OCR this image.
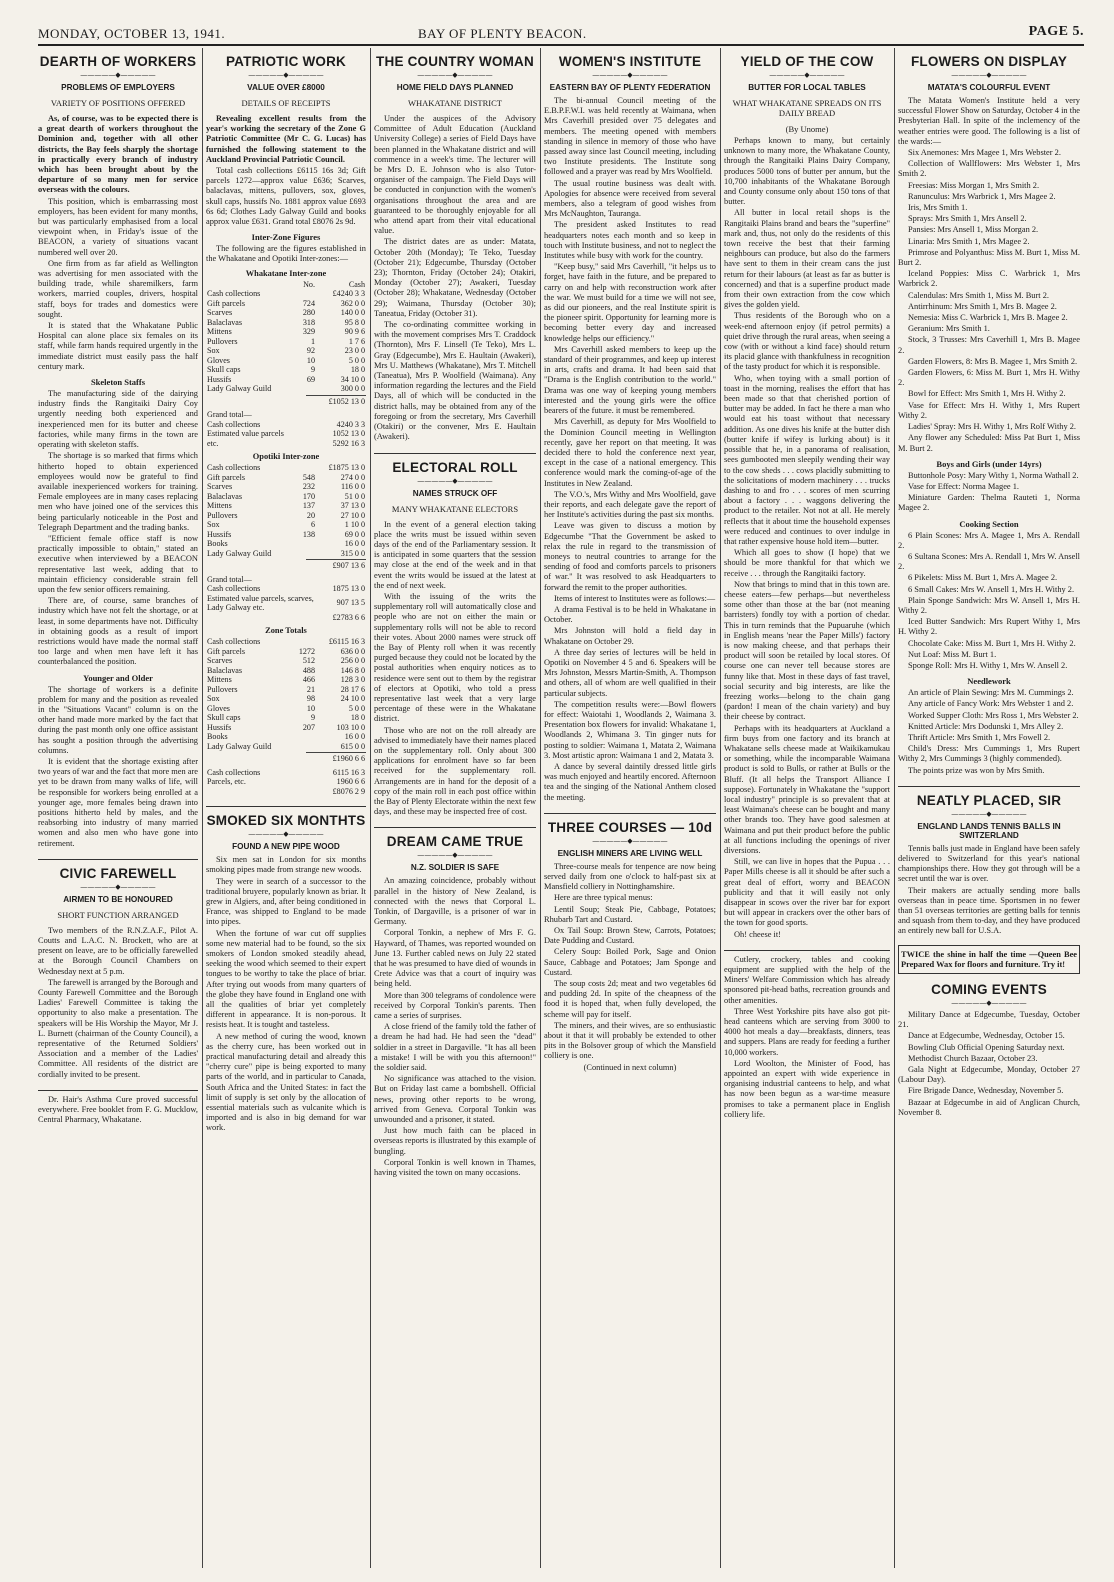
MONDAY, OCTOBER 13, 1941.	BAY OF PLENTY BEACON.	PAGE 5.
DEARTH OF WORKERS
—————◆—————
PROBLEMS OF EMPLOYERS
VARIETY OF POSITIONS OFFERED

As, of course, was to be expected there is a great dearth of workers throughout the Dominion and, together with all other districts, the Bay feels sharply the shortage in practically every branch of industry which has been brought about by the departure of so many men for service overseas with the colours.

This position, which is embarrassing most employers, has been evident for many months, but was particularly emphasised from a local viewpoint when, in Friday's issue of the BEACON, a variety of situations vacant numbered well over 20.

One firm from as far afield as Wellington was advertising for men associated with the building trade, while sharemilkers, farm workers, married couples, drivers, hospital staff, boys for trades and domestics were sought.

It is stated that the Whakatane Public Hospital can alone place six females on its staff, while farm hands required urgently in the immediate district must easily pass the half century mark.

Skeleton Staffs

The manufacturing side of the dairying industry finds the Rangitaiki Dairy Coy urgently needing both experienced and inexperienced men for its butter and cheese factories, while many firms in the town are operating with skeleton staffs.

The shortage is so marked that firms which hitherto hoped to obtain experienced employees would now be grateful to find available inexperienced workers for training. Female employees are in many cases replacing men who have joined one of the services this being particularly noticeable in the Post and Telegraph Department and the trading banks.

"Efficient female office staff is now practically impossible to obtain," stated an executive when interviewed by a BEACON representative last week, adding that to maintain efficiency considerable strain fell upon the few senior officers remaining.

There are, of course, same branches of industry which have not felt the shortage, or at least, in some departments have not. Difficulty in obtaining goods as a result of import restrictions would have made the normal staff too large and when men have left it has counterbalanced the position.

Younger and Older

The shortage of workers is a definite problem for many and the position as revealed in the "Situations Vacant" column is on the other hand made more marked by the fact that during the past month only one office assistant has sought a position through the advertising columns.

It is evident that the shortage existing after two years of war and the fact that more men are yet to be drawn from many walks of life, will be responsible for workers being enrolled at a younger age, more females being drawn into positions hitherto held by males, and the reabsorbing into industry of many married women and also men who have gone into retirement.

CIVIC FAREWELL
—————◆—————
AIRMEN TO BE HONOURED
SHORT FUNCTION ARRANGED

Two members of the R.N.Z.A.F., Pilot A. Coutts and L.A.C. N. Brockett, who are at present on leave, are to be officially farewelled at the Borough Council Chambers on Wednesday next at 5 p.m.

The farewell is arranged by the Borough and County Farewell Committee and the Borough Ladies' Farewell Committee is taking the opportunity to also make a presentation. The speakers will be His Worship the Mayor, Mr J. L. Burnett (chairman of the County Council), a representative of the Returned Soldiers' Association and a member of the Ladies' Committee. All residents of the district are cordially invited to be present.

Dr. Hair's Asthma Cure proved successful everywhere. Free booklet from F. G. Mucklow, Central Pharmacy, Whakatane.

PATRIOTIC WORK
—————◆—————
VALUE OVER £8000
DETAILS OF RECEIPTS

Revealing excellent results from the year's working the secretary of the Zone G Patriotic Committee (Mr C. G. Lucas) has furnished the following statement to the Auckland Provincial Patriotic Council.

Total cash collections £6115 16s 3d; Gift parcels 1272—approx value £636; Scarves, balaclavas, mittens, pullovers, sox, gloves, skull caps, hussifs No. 1881 approx value £693 6s 6d; Clothes Lady Galway Guild and books approx value £631. Grand total £8076 2s 9d.

Inter-Zone Figures

The following are the figures established in the Whakatane and Opotiki Inter-zones:—

Whakatane Inter-zone
	No.	Cash
Cash collections		£4240 3 3
Gift parcels	724	362 0 0
Scarves	280	140 0 0
Balaclavas	318	95 8 0
Mittens	329	90 9 6
Pullovers	1	1 7 6
Sox	92	23 0 0
Gloves	10	5 0 0
Skull caps	9	18 0
Hussifs	69	34 10 0
Lady Galway Guild		300 0 0
	£1052 13 0
Grand total—	
Cash collections	4240 3 3
Estimated value parcels	1052 13 0

etc.	5292 16 3
Opotiki Inter-zone
Cash collections		£1875 13 0
Gift parcels	548	274 0 0
Scarves	232	116 0 0
Balaclavas	170	51 0 0
Mittens	137	37 13 0
Pullovers	20	27 10 0
Sox	6	1 10 0
Hussifs	138	69 0 0
Books		16 0 0
Lady Galway Guild		315 0 0
	£907 13 6
Grand total—	
Cash collections	1875 13 0
Estimated value parcels, scarves, Lady Galway etc.	907 13 5
	£2783 6 6
Zone Totals
Cash collections		£6115 16 3
Gift parcels	1272	636 0 0
Scarves	512	256 0 0
Balaclavas	488	146 8 0
Mittens	466	128 3 0
Pullovers	21	28 17 6
Sox	98	24 10 0
Gloves	10	5 0 0
Skull caps	9	18 0
Hussifs	207	103 10 0
Books		16 0 0
Lady Galway Guild		615 0 0
	£1960 6 6
Cash collections	6115 16 3
Parcels, etc.	1960 6 6
	£8076 2 9
SMOKED SIX MONTHTS
—————◆—————
FOUND A NEW PIPE WOOD

Six men sat in London for six months smoking pipes made from strange new woods.

They were in search of a successor to the traditional bruyere, popularly known as briar. It grew in Algiers, and, after being conditioned in France, was shipped to England to be made into pipes.

When the fortune of war cut off supplies some new material had to be found, so the six smokers of London smoked steadily ahead, seeking the wood which seemed to their expert tongues to be worthy to take the place of briar. After trying out woods from many quarters of the globe they have found in England one with all the qualities of briar yet completely different in appearance. It is non-porous. It resists heat. It is tought and tasteless.

A new method of curing the wood, known as the cherry cure, has been worked out in practical manufacturing detail and already this "cherry cure" pipe is being exported to many parts of the world, and in particular to Canada, South Africa and the United States: in fact the limit of supply is set only by the allocation of essential materials such as vulcanite which is imported and is also in big demand for war work.

THE COUNTRY WOMAN
—————◆—————
HOME FIELD DAYS PLANNED
WHAKATANE DISTRICT

Under the auspices of the Advisory Committee of Adult Education (Auckland University College) a series of Field Days have been planned in the Whakatane district and will commence in a week's time. The lecturer will be Mrs D. E. Johnson who is also Tutor-organiser of the campaign. The Field Days will be conducted in conjunction with the women's organisations throughout the area and are guaranteed to be thoroughly enjoyable for all who attend apart from their vital educational value.

The district dates are as under: Matata, October 20th (Monday); Te Teko, Tuesday (October 21); Edgecumbe, Thursday (October 23); Thornton, Friday (October 24); Otakiri, Monday (October 27); Awakeri, Tuesday (October 28); Whakatane, Wednesday (October 29); Waimana, Thursday (October 30); Taneatua, Friday (October 31).

The co-ordinating committee working in with the movement comprises Mrs T. Craddock (Thornton), Mrs F. Linsell (Te Teko), Mrs L. Gray (Edgecumbe), Mrs E. Haultain (Awakeri), Mrs U. Matthews (Whakatane), Mrs T. Mitchell (Taneatua), Mrs P. Woolfield (Waimana). Any information regarding the lectures and the Field Days, all of which will be conducted in the district halls, may be obtained from any of the foregoing or from the secretary, Mrs Caverhill (Otakiri) or the convener, Mrs E. Haultain (Awakeri).

ELECTORAL ROLL
—————◆—————
NAMES STRUCK OFF
MANY WHAKATANE ELECTORS

In the event of a general election taking place the writs must be issued within seven days of the end of the Parliamentary session. It is anticipated in some quarters that the session may close at the end of the week and in that event the writs would be issued at the latest at the end of next week.

With the issuing of the writs the supplementary roll will automatically close and people who are not on either the main or supplementary rolls will not be able to record their votes. About 2000 names were struck off the Bay of Plenty roll when it was recently purged because they could not be located by the postal authorities when enquiry notices as to residence were sent out to them by the registrar of electors at Opotiki, who told a press representative last week that a very large percentage of these were in the Whakatane district.

Those who are not on the roll already are advised to immediately have their names placed on the supplementary roll. Only about 300 applications for enrolment have so far been received for the supplementary roll. Arrangements are in hand for the deposit of a copy of the main roll in each post office within the Bay of Plenty Electorate within the next few days, and these may be inspected free of cost.

DREAM CAME TRUE
—————◆—————
N.Z. SOLDIER IS SAFE

An amazing coincidence, probably without parallel in the history of New Zealand, is connected with the news that Corporal L. Tonkin, of Dargaville, is a prisoner of war in Germany.

Corporal Tonkin, a nephew of Mrs F. G. Hayward, of Thames, was reported wounded on June 13. Further cabled news on July 22 stated that he was presumed to have died of wounds in Crete Advice was that a court of inquiry was being held.

More than 300 telegrams of condolence were received by Corporal Tonkin's parents. Then came a series of surprises.

A close friend of the family told the father of a dream he had had. He had seen the "dead" soldier in a street in Dargaville. "It has all been a mistake! I will be with you this afternoon!" the soldier said.

No significance was attached to the vision. But on Friday last came a bombshell. Official news, proving other reports to be wrong, arrived from Geneva. Corporal Tonkin was unwounded and a prisoner, it stated.

Just how much faith can be placed in overseas reports is illustrated by this example of bungling.

Corporal Tonkin is well known in Thames, having visited the town on many occasions.

WOMEN'S INSTITUTE
—————◆—————
EASTERN BAY OF PLENTY FEDERATION

The bi-annual Council meeting of the E.B.P.F.W.I. was held recently at Waimana, when Mrs Caverhill presided over 75 delegates and members. The meeting opened with members standing in silence in memory of those who have passed away since last Council meeting, including two Institute presidents. The Institute song followed and a prayer was read by Mrs Woolfield.

The usual routine business was dealt with. Apologies for absence were received from several members, also a telegram of good wishes from Mrs McNaughton, Tauranga.

The president asked Institutes to read headquarters notes each month and so keep in touch with Institute business, and not to neglect the Institutes while busy with work for the country.

"Keep busy," said Mrs Caverhill, "it helps us to forget, have faith in the future, and be prepared to carry on and help with reconstruction work after the war. We must build for a time we will not see, as did our pioneers, and the real Institute spirit is the pioneer spirit. Opportunity for learning more is becoming better every day and increased knowledge helps our efficiency."

Mrs Caverhill asked members to keep up the standard of their programmes, and keep up interest in arts, crafts and drama. It had been said that "Drama is the English contribution to the world." Drama was one way of keeping young members interested and the young girls were the office bearers of the future. it must be remembered.

Mrs Caverhill, as deputy for Mrs Woolfield to the Dominion Council meeting in Wellington recently, gave her report on that meeting. It was decided there to hold the conference next year, except in the case of a national emergency. This conference would mark the coming-of-age of the Institutes in New Zealand.

The V.O.'s, Mrs Withy and Mrs Woolfield, gave their reports, and each delegate gave the report of her Institute's activities during the past six months.

Leave was given to discuss a motion by Edgecumbe "That the Government be asked to relax the rule in regard to the transmission of moneys to neutral countries to arrange for the sending of food and comforts parcels to prisoners of war." It was resolved to ask Headquarters to forward the remit to the proper authorities.

Items of interest to Institutes were as follows:—

A drama Festival is to be held in Whakatane in October.

Mrs Johnston will hold a field day in Whakatane on October 29.

A three day series of lectures will be held in Opotiki on November 4 5 and 6. Speakers will be Mrs Johnston, Messrs Martin-Smith, A. Thompson and others, all of whom are well qualified in their particular subjects.

The competition results were:—Bowl flowers for effect: Waiotahi 1, Woodlands 2, Waimana 3. Presentation box flowers for invalid: Whakatane 1, Woodlands 2, Whimana 3. Tin ginger nuts for posting to soldier: Waimana 1, Matata 2, Waimana 3. Most artistic apron: Waimana 1 and 2, Matata 3.

A dance by several daintily dressed little girls was much enjoyed and heartily encored. Afternoon tea and the singing of the National Anthem closed the meeting.

THREE COURSES — 10d
—————◆—————
ENGLISH MINERS ARE LIVING WELL

Three-course meals for tenpence are now being served daily from one o'clock to half-past six at Mansfield colliery in Nottinghamshire.

Here are three typical menus:

Lentil Soup; Steak Pie, Cabbage, Potatoes; Rhubarb Tart and Custard.

Ox Tail Soup: Brown Stew, Carrots, Potatoes; Date Pudding and Custard.

Celery Soup: Boiled Pork, Sage and Onion Sauce, Cabbage and Potatoes; Jam Sponge and Custard.

The soup costs 2d; meat and two vegetables 6d and pudding 2d. In spite of the cheapness of the food it is hoped that, when fully developed, the scheme will pay for itself.

The miners, and their wives, are so enthusiastic about it that it will probably be extended to other pits in the Bolsover group of which the Mansfield colliery is one.

(Continued in next column)

YIELD OF THE COW
—————◆—————
BUTTER FOR LOCAL TABLES
WHAT WHAKATANE SPREADS ON ITS DAILY BREAD
(By Unome)

Perhaps known to many, but certainly unknown to many more, the Whakatane County, through the Rangitaiki Plains Dairy Company, produces 5000 tons of butter per annum, but the 10,700 inhabitants of the Whakatane Borough and County consume only about 150 tons of that butter.

All butter in local retail shops is the Rangitaiki Plains brand and bears the "superfine" mark and, thus, not only do the residents of this town receive the best that their farming neighbours can produce, but also do the farmers have sent to them in their cream cans the just return for their labours (at least as far as butter is concerned) and that is a superfine product made from their own extraction from the cow which gives the golden yield.

Thus residents of the Borough who on a week-end afternoon enjoy (if petrol permits) a quiet drive through the rural areas, when seeing a cow (with or without a kind face) should return its placid glance with thankfulness in recognition of the tasty product for which it is responsible.

Who, when toying with a small portion of toast in the morning, realises the effort that has been made so that that cherished portion of butter may be added. In fact he there a man who would eat his toast without that necessary addition. As one dives his knife at the butter dish (butter knife if wifey is lurking about) is it possible that he, in a panorama of realisation, sees gumbooted men sleepily wending their way to the cow sheds . . . cows placidly submitting to the solicitations of modern machinery . . . trucks dashing to and fro . . . scores of men scurring about a factory . . . waggons delivering the product to the retailer. Not not at all. He merely reflects that it about time the household expenses were reduced and continues to over indulge in that rather expensive house hold item—butter.

Which all goes to show (I hope) that we should be more thankful for that which we receive . . . through the Rangitaiki factory.

Now that brings to mind that in this town are. cheese eaters—few perhaps—but nevertheless some other than those at the bar (not meaning barristers) fondly toy with a portion of chedar. This in turn reminds that the Pupuaruhe (which in English means 'near the Paper Mills') factory is now making cheese, and that perhaps their product will soon be retailed by local stores. Of course one can never tell because stores are funny like that. Most in these days of fast travel, social security and big interests, are like the freezing works—belong to the chain gang (pardon! I mean of the chain variety) and buy their cheese by contract.

Perhaps with its headquarters at Auckland a firm buys from one factory and its branch at Whakatane sells cheese made at Waikikamukau or something, while the incomparable Waimana product is sold to Bulls, or rather at Bulls or the Bluff. (It all helps the Transport Alliance I suppose). Fortunately in Whakatane the "support local industry" principle is so prevalent that at least Waimana's cheese can be bought and many other brands too. They have good salesmen at Waimana and put their product before the public at all functions including the openings of river diversions.

Still, we can live in hopes that the Pupua . . . Paper Mills cheese is all it should be after such a great deal of effort, worry and BEACON publicity and that it will easily not only disappear in scows over the river bar for export but will appear in crackers over the other bars of the town for good sports.

Oh! cheese it!

Cutlery, crockery, tables and cooking equipment are supplied with the help of the Miners' Welfare Commission which has already sponsored pit-head baths, recreation grounds and other amenities.

Three West Yorkshire pits have also got pit-head canteens which are serving from 3000 to 4000 hot meals a day—breakfasts, dinners, teas and suppers. Plans are ready for feeding a further 10,000 workers.

Lord Woolton, the Minister of Food, has appointed an expert with wide experience in organising industrial canteens to help, and what has now been begun as a war-time measure promises to take a permanent place in English colliery life.

FLOWERS ON DISPLAY
—————◆—————
MATATA'S COLOURFUL EVENT

The Matata Women's Institute held a very successful Flower Show on Saturday, October 4 in the Presbyterian Hall. In spite of the inclemency of the weather entries were good. The following is a list of the wards:—

Six Anemones: Mrs Magee 1, Mrs Webster 2.

Collection of Wallflowers: Mrs Webster 1, Mrs Smith 2.

Freesias: Miss Morgan 1, Mrs Smith 2.

Ranunculus: Mrs Warbrick 1, Mrs Magee 2.

Iris, Mrs Smith 1.

Sprays: Mrs Smith 1, Mrs Ansell 2.

Pansies: Mrs Ansell 1, Miss Morgan 2.

Linaria: Mrs Smith 1, Mrs Magee 2.

Primrose and Polyanthus: Miss M. Burt 1, Miss M. Burt 2.

Iceland Poppies: Miss C. Warbrick 1, Mrs Warbrick 2.

Calendulas: Mrs Smith 1, Miss M. Burt 2.

Antirrhinum: Mrs Smith 1, Mrs B. Magee 2.

Nemesia: Miss C. Warbrick 1, Mrs B. Magee 2.

Geranium: Mrs Smith 1.

Stock, 3 Trusses: Mrs Caverhill 1, Mrs B. Magee 2.

Garden Flowers, 8: Mrs B. Magee 1, Mrs Smith 2.

Garden Flowers, 6: Miss M. Burt 1, Mrs H. Withy 2.

Bowl for Effect: Mrs Smith 1, Mrs H. Withy 2.

Vase for Effect: Mrs H. Withy 1, Mrs Rupert Withy 2.

Ladies' Spray: Mrs H. Withy 1, Mrs Rolf Withy 2.

Any flower any Scheduled: Miss Pat Burt 1, Miss M. Burt 2.

Boys and Girls (under 14yrs)

Buttonhole Posy: Mary Withy 1, Norma Wathall 2.

Vase for Effect: Norma Magee 1.

Miniature Garden: Thelma Rauteti 1, Norma Magee 2.

Cooking Section

6 Plain Scones: Mrs A. Magee 1, Mrs A. Rendall 2.

6 Sultana Scones: Mrs A. Rendall 1, Mrs W. Ansell 2.

6 Pikelets: Miss M. Burt 1, Mrs A. Magee 2.

6 Small Cakes: Mrs W. Ansell 1, Mrs H. Withy 2.

Plain Sponge Sandwich: Mrs W. Ansell 1, Mrs H. Withy 2.

Iced Butter Sandwich: Mrs Rupert Withy 1, Mrs H. Withy 2.

Chocolate Cake: Miss M. Burt 1, Mrs H. Withy 2.

Nut Loaf: Miss M. Burt 1.

Sponge Roll: Mrs H. Withy 1, Mrs W. Ansell 2.

Needlework

An article of Plain Sewing: Mrs M. Cummings 2.

Any article of Fancy Work: Mrs Webster 1 and 2.

Worked Supper Cloth: Mrs Ross 1, Mrs Webster 2.

Knitted Article: Mrs Dodunski 1, Mrs Alley 2.

Thrift Article: Mrs Smith 1, Mrs Fowell 2.

Child's Dress: Mrs Cummings 1, Mrs Rupert Withy 2, Mrs Cummings 3 (highly commended).

The points prize was won by Mrs Smith.

NEATLY PLACED, SIR
—————◆—————
ENGLAND LANDS TENNIS BALLS IN SWITZERLAND

Tennis balls just made in England have been safely delivered to Switzerland for this year's national championships there. How they got through will be a secret until the war is over.

Their makers are actually sending more balls overseas than in peace time. Sportsmen in no fewer than 51 overseas territories are getting balls for tennis and squash from them to-day, and they have produced an entirely new ball for U.S.A.

TWICE the shine in half the time —Queen Bee Prepared Wax for floors and furniture. Try it!

COMING EVENTS
—————◆—————

Military Dance at Edgecumbe, Tuesday, October 21.

Dance at Edgecumbe, Wednesday, October 15.

Bowling Club Official Opening Saturday next.

Methodist Church Bazaar, October 23.

Gala Night at Edgecumbe, Monday, October 27 (Labour Day).

Fire Brigade Dance, Wednesday, November 5.

Bazaar at Edgecumbe in aid of Anglican Church, November 8.
